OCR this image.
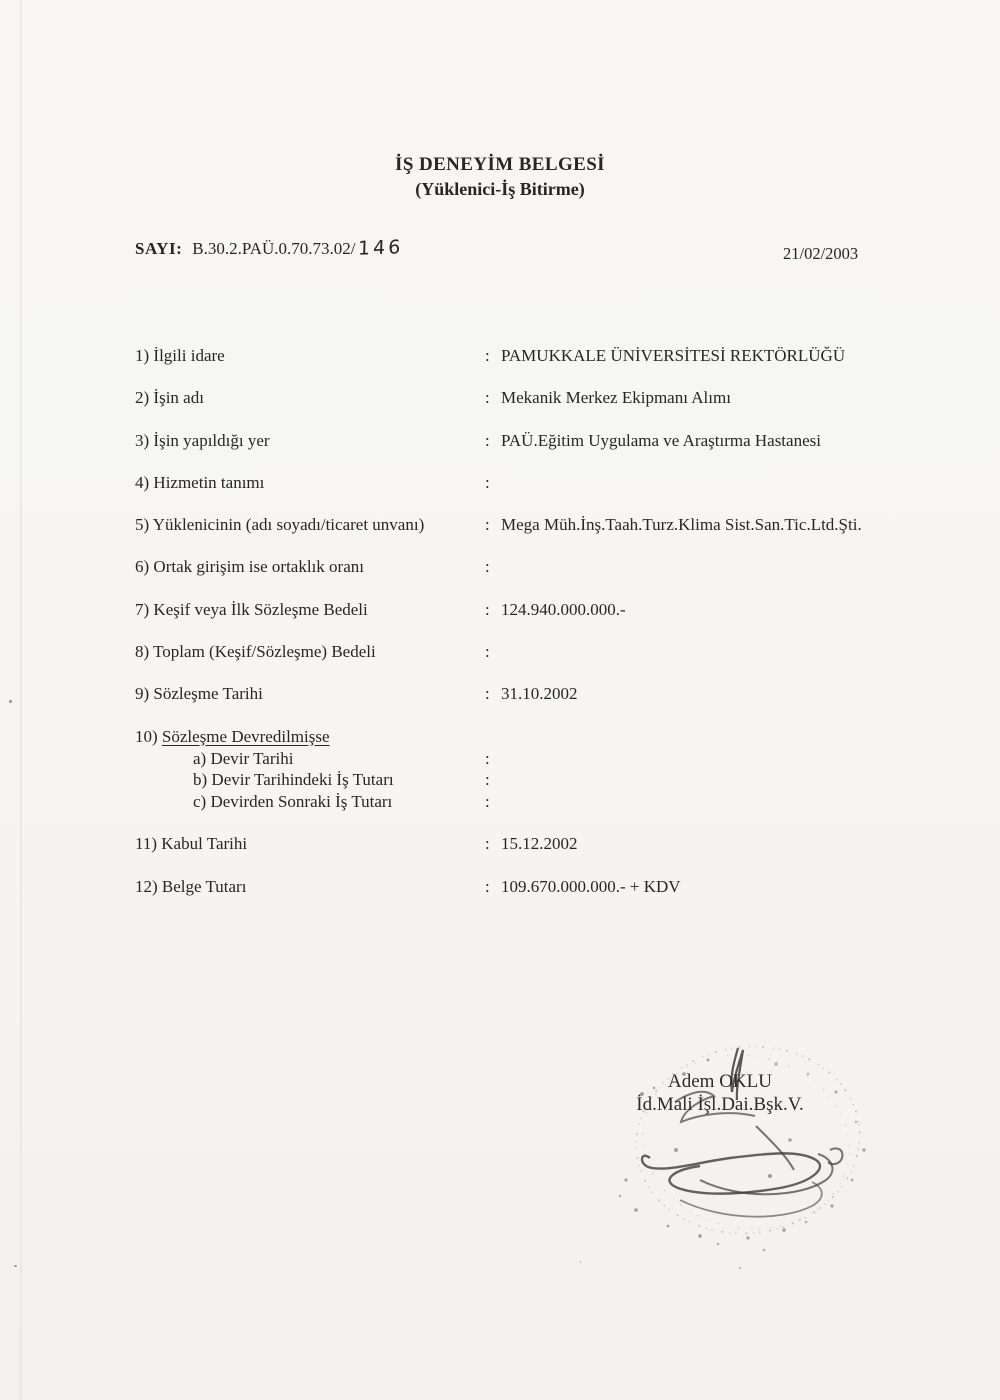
İŞ DENEYİM BELGESİ
(Yüklenici-İş Bitirme)
SAYI: B.30.2.PAÜ.0.70.73.02/146	21/02/2003
1) İlgili idare	: PAMUKKALE ÜNİVERSİTESİ REKTÖRLÜĞÜ
2) İşin adı	: Mekanik Merkez Ekipmanı Alımı
3) İşin yapıldığı yer	: PAÜ.Eğitim Uygulama ve Araştırma Hastanesi
4) Hizmetin tanımı	:
5) Yüklenicinin (adı soyadı/ticaret unvanı)	: Mega Müh.İnş.Taah.Turz.Klima Sist.San.Tic.Ltd.Şti.
6) Ortak girişim ise ortaklık oranı	:
7) Keşif veya İlk Sözleşme Bedeli	: 124.940.000.000.-
8) Toplam (Keşif/Sözleşme) Bedeli	:
9) Sözleşme Tarihi	: 31.10.2002
10)
Sözleşme Devredilmişse
a) Devir Tarihi	:
b) Devir Tarihindeki İş Tutarı	:
c) Devirden Sonraki İş Tutarı	:
11) Kabul Tarihi	: 15.12.2002
12) Belge Tutarı	: 109.670.000.000.- + KDV
Adem OKLU
İd.Mali İşl.Dai.Bşk.V.
